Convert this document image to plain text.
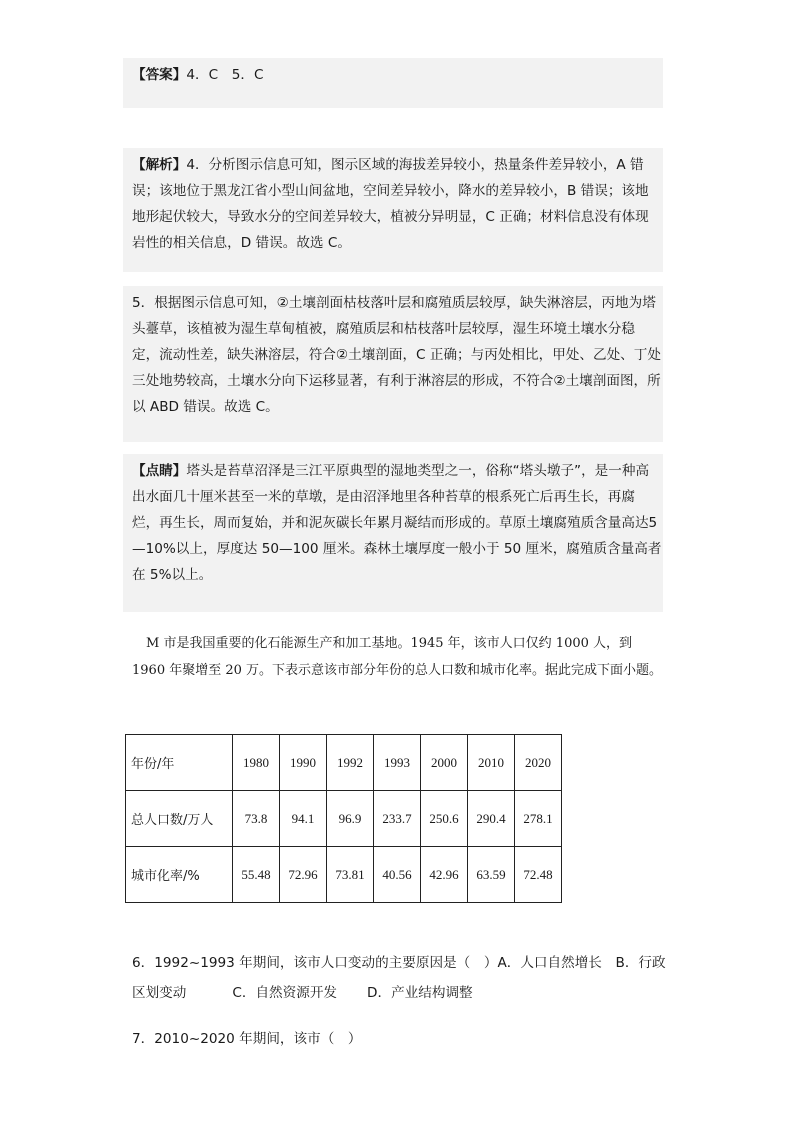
【答案】4．C　5．C

【解析】4．分析图示信息可知，图示区域的海拔差异较小，热量条件差异较小，A 错误；该地位于黑龙江省小型山间盆地，空间差异较小，降水的差异较小，B 错误；该地地形起伏较大，导致水分的空间差异较大，植被分异明显，C 正确；材料信息没有体现岩性的相关信息，D 错误。故选 C。

5．根据图示信息可知，②土壤剖面枯枝落叶层和腐殖质层较厚，缺失淋溶层，丙地为塔头薹草，该植被为湿生草甸植被，腐殖质层和枯枝落叶层较厚，湿生环境土壤水分稳定，流动性差，缺失淋溶层，符合②土壤剖面，C 正确；与丙处相比，甲处、乙处、丁处三处地势较高，土壤水分向下运移显著，有利于淋溶层的形成，不符合②土壤剖面图，所以 ABD 错误。故选 C。

【点睛】塔头是苔草沼泽是三江平原典型的湿地类型之一，俗称“塔头墩子”，是一种高出水面几十厘米甚至一米的草墩，是由沼泽地里各种苔草的根系死亡后再生长，再腐烂，再生长，周而复始，并和泥灰碳长年累月凝结而形成的。草原土壤腐殖质含量高达5—10%以上，厚度达 50—100 厘米。森林土壤厚度一般小于 50 厘米，腐殖质含量高者在 5%以上。

M 市是我国重要的化石能源生产和加工基地。1945 年，该市人口仅约 1000 人，到 1960 年聚增至 20 万。下表示意该市部分年份的总人口数和城市化率。据此完成下面小题。

年份/年	1980	1990	1992	1993	2000	2010	2020
总人口数/万人	73.8	94.1	96.9	233.7	250.6	290.4	278.1
城市化率/%	55.48	72.96	73.81	40.56	42.96	63.59	72.48

6．1992~1993 年期间，该市人口变动的主要原因是（　）A．人口自然增长　 B．行政区划变动	C．自然资源开发 D．产业结构调整

7．2010~2020 年期间，该市（　）
